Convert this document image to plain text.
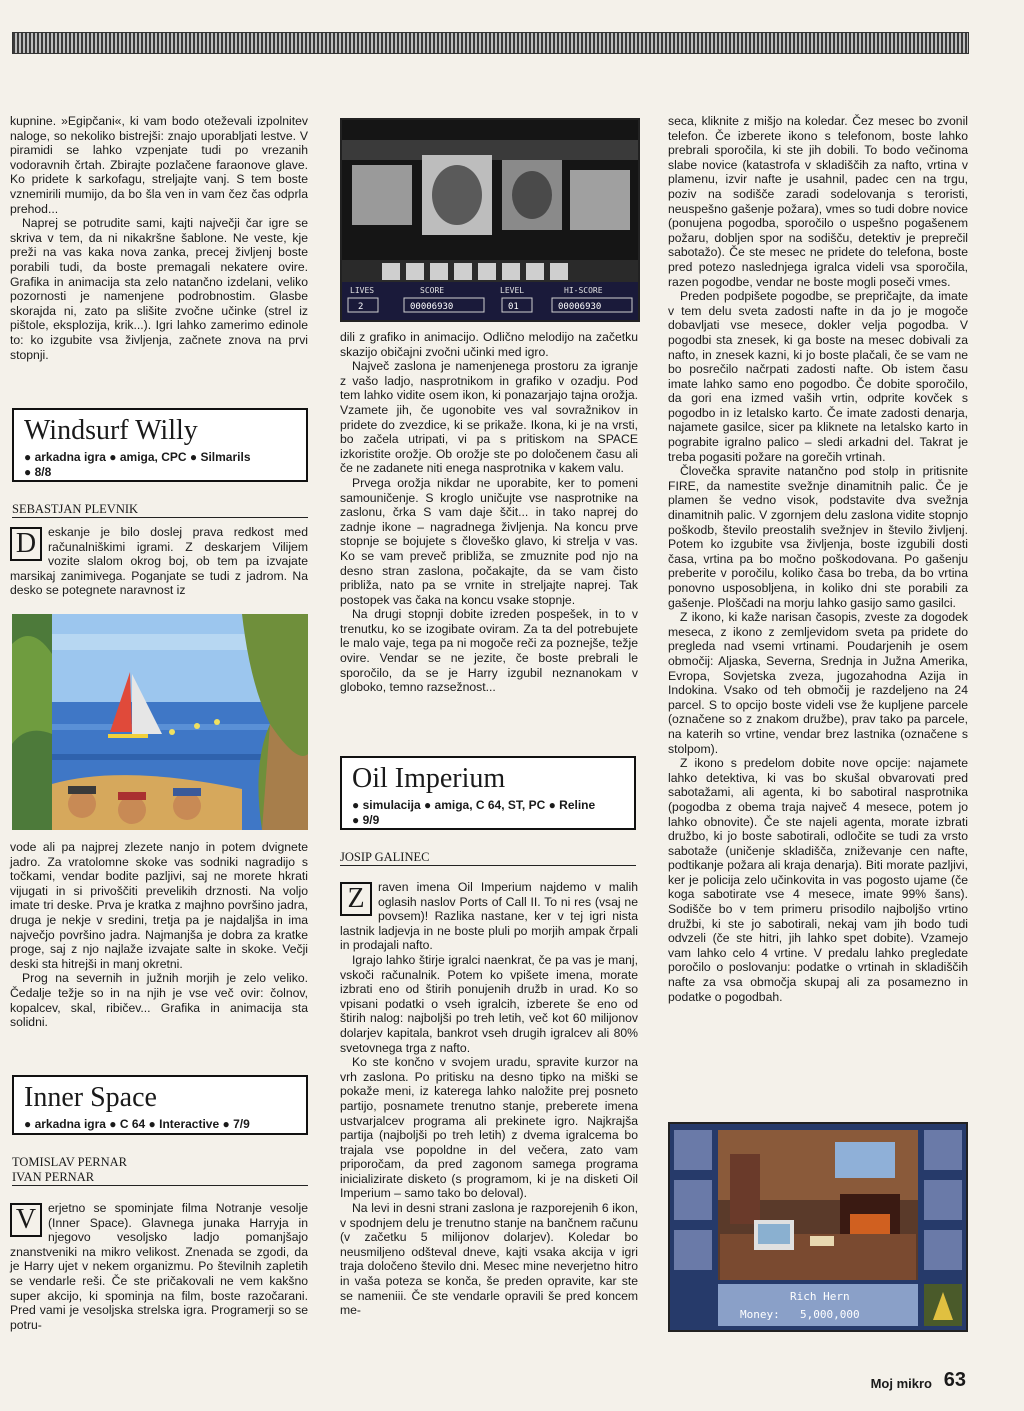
kupnine. »Egipčani«, ki vam bodo oteževali izpolnitev naloge, so nekoliko bistrejši: znajo uporabljati lestve. V piramidi se lahko vzpenjate tudi po vrezanih vodoravnih črtah. Zbirajte pozlačene faraonove glave. Ko pridete k sarkofagu, streljajte vanj. S tem boste vznemirili mumijo, da bo šla ven in vam čez čas odprla prehod...

Naprej se potrudite sami, kajti največji čar igre se skriva v tem, da ni nikakršne šablone. Ne veste, kje preži na vas kaka nova zanka, precej življenj boste porabili tudi, da boste premagali nekatere ovire. Grafika in animacija sta zelo natančno izdelani, veliko pozornosti je namenjene podrobnostim. Glasbe skorajda ni, zato pa slišite zvočne učinke (strel iz pištole, eksplozija, krik...). Igri lahko zamerimo edinole to: ko izgubite vsa življenja, začnete znova na prvi stopnji.

Windsurf Willy
● arkadna igra ● amiga, CPC ● Silmarils
● 8/8
SEBASTJAN PLEVNIK
D eskanje je bilo doslej prava redkost med računalniškimi igrami. Z deskarjem Vilijem vozite slalom okrog boj, ob tem pa izvajate marsikaj zanimivega. Poganjate se tudi z jadrom. Na desko se potegnete naravnost iz

vode ali pa najprej zlezete nanjo in potem dvignete jadro. Za vratolomne skoke vas sodniki nagradijo s točkami, vendar bodite pazljivi, saj ne morete hkrati vijugati in si privoščiti prevelikih drznosti. Na voljo imate tri deske. Prva je kratka z majhno površino jadra, druga je nekje v sredini, tretja pa je najdaljša in ima največjo površino jadra. Najmanjša je dobra za kratke proge, saj z njo najlaže izvajate salte in skoke. Večji deski sta hitrejši in manj okretni.

Prog na severnih in južnih morjih je zelo veliko. Čedalje težje so in na njih je vse več ovir: čolnov, kopalcev, skal, ribičev... Grafika in animacija sta solidni.

Inner Space
● arkadna igra ● C 64 ● Interactive ● 7/9
TOMISLAV PERNAR
IVAN PERNAR
V erjetno se spominjate filma Notranje vesolje (Inner Space). Glavnega junaka Harryja in njegovo vesoljsko ladjo pomanjšajo znanstveniki na mikro velikost. Znenada se zgodi, da je Harry ujet v nekem organizmu. Po številnih zapletih se vendarle reši. Če ste pričakovali ne vem kakšno super akcijo, ki spominja na film, boste razočarani. Pred vami je vesoljska strelska igra. Programerji so se potru-

LIVES	SCORE	LEVEL	HI-SCORE
2	00006930	01	00006930

dili z grafiko in animacijo. Odlično melodijo na začetku skazijo običajni zvočni učinki med igro.

Največ zaslona je namenjenega prostoru za igranje z vašo ladjo, nasprotnikom in grafiko v ozadju. Pod tem lahko vidite osem ikon, ki ponazarjajo tajna orožja. Vzamete jih, če ugonobite ves val sovražnikov in pridete do zvezdice, ki se prikaže. Ikona, ki je na vrsti, bo začela utripati, vi pa s pritiskom na SPACE izkoristite orožje. Ob orožje ste po določenem času ali če ne zadanete niti enega nasprotnika v kakem valu.

Prvega orožja nikdar ne uporabite, ker to pomeni samouničenje. S kroglo uničujte vse nasprotnike na zaslonu, črka S vam daje ščit... in tako naprej do zadnje ikone – nagradnega življenja. Na koncu prve stopnje se bojujete s človeško glavo, ki strelja v vas. Ko se vam preveč približa, se zmuznite pod njo na desno stran zaslona, počakajte, da se vam čisto približa, nato pa se vrnite in streljajte naprej. Tak postopek vas čaka na koncu vsake stopnje.

Na drugi stopnji dobite izreden pospešek, in to v trenutku, ko se izogibate oviram. Za ta del potrebujete le malo vaje, tega pa ni mogoče reči za poznejše, težje ovire. Vendar se ne jezite, če boste prebrali le sporočilo, da se je Harry izgubil neznanokam v globoko, temno razsežnost...

Oil Imperium
● simulacija ● amiga, C 64, ST, PC ● Reline
● 9/9
JOSIP GALINEC
Z	raven imena Oil Imperium najdemo v malih oglasih naslov Ports of Call II. To ni res (vsaj ne povsem)! Razlika nastane, ker v tej igri nista lastnik ladjevja in ne boste pluli po morjih ampak črpali in prodajali nafto.

Igrajo lahko štirje igralci naenkrat, če pa vas je manj, vskoči računalnik. Potem ko vpišete imena, morate izbrati eno od štirih ponujenih družb in urad. Ko so vpisani podatki o vseh igralcih, izberete še eno od štirih nalog: najboljši po treh letih, več kot 60 milijonov dolarjev kapitala, bankrot vseh drugih igralcev ali 80% svetovnega trga z nafto.

Ko ste končno v svojem uradu, spravite kurzor na vrh zaslona. Po pritisku na desno tipko na miški se pokaže meni, iz katerega lahko naložite prej posneto partijo, posnamete trenutno stanje, preberete imena ustvarjalcev programa ali prekinete igro. Najkrajša partija (najboljši po treh letih) z dvema igralcema bo trajala vse popoldne in del večera, zato vam priporočam, da pred zagonom samega programa inicializirate disketo (s programom, ki je na disketi Oil Imperium – samo tako bo deloval).

Na levi in desni strani zaslona je razporejenih 6 ikon, v spodnjem delu je trenutno stanje na bančnem računu (v začetku 5 milijonov dolarjev). Koledar bo neusmiljeno odšteval dneve, kajti vsaka akcija v igri traja določeno število dni. Mesec mine neverjetno hitro in vaša poteza se konča, še preden opravite, kar ste se nameniii. Če ste vendarle opravili še pred koncem me-

seca, kliknite z mišjo na koledar. Čez mesec bo zvonil telefon. Če izberete ikono s telefonom, boste lahko prebrali sporočila, ki ste jih dobili. To bodo večinoma slabe novice (katastrofa v skladiščih za nafto, vrtina v plamenu, izvir nafte je usahnil, padec cen na trgu, poziv na sodišče zaradi sodelovanja s teroristi, neuspešno gašenje požara), vmes so tudi dobre novice (ponujena pogodba, sporočilo o uspešno pogašenem požaru, dobljen spor na sodišču, detektiv je preprečil sabotažo). Če ste mesec ne pridete do telefona, boste pred potezo naslednjega igralca videli vsa sporočila, razen pogodbe, vendar ne boste mogli poseči vmes.

Preden podpišete pogodbe, se prepričajte, da imate v tem delu sveta zadosti nafte in da jo je mogoče dobavljati vse mesece, dokler velja pogodba. V pogodbi sta znesek, ki ga boste na mesec dobivali za nafto, in znesek kazni, ki jo boste plačali, če se vam ne bo posrečilo načrpati zadosti nafte. Ob istem času imate lahko samo eno pogodbo. Če dobite sporočilo, da gori ena izmed vaših vrtin, odprite kovček s pogodbo in iz letalsko karto. Če imate zadosti denarja, najamete gasilce, sicer pa kliknete na letalsko karto in pograbite igralno palico – sledi arkadni del. Takrat je treba pogasiti požare na gorečih vrtinah.

Človečka spravite natančno pod stolp in pritisnite FIRE, da namestite svežnje dinamitnih palic. Če je plamen še vedno visok, podstavite dva svežnja dinamitnih palic. V zgornjem delu zaslona vidite stopnjo poškodb, število preostalih svežnjev in število življenj. Potem ko izgubite vsa življenja, boste izgubili dosti časa, vrtina pa bo močno poškodovana. Po gašenju preberite v poročilu, koliko časa bo treba, da bo vrtina ponovno usposobljena, in koliko dni ste porabili za gašenje. Ploščadi na morju lahko gasijo samo gasilci.

Z ikono, ki kaže narisan časopis, zveste za dogodek meseca, z ikono z zemljevidom sveta pa pridete do pregleda nad vsemi vrtinami. Poudarjenih je osem območij: Aljaska, Severna, Srednja in Južna Amerika, Evropa, Sovjetska zveza, jugozahodna Azija in Indokina. Vsako od teh območij je razdeljeno na 24 parcel. S to opcijo boste videli vse že kupljene parcele (označene so z znakom družbe), prav tako pa parcele, na katerih so vrtine, vendar brez lastnika (označene s stolpom).

Z ikono s predelom dobite nove opcije: najamete lahko detektiva, ki vas bo skušal obvarovati pred sabotažami, ali agenta, ki bo sabotiral nasprotnika (pogodba z obema traja največ 4 mesece, potem jo lahko obnovite). Če ste najeli agenta, morate izbrati družbo, ki jo boste sabotirali, odločite se tudi za vrsto sabotaže (uničenje skladišča, zniževanje cen nafte, podtikanje požara ali kraja denarja). Biti morate pazljivi, ker je policija zelo učinkovita in vas pogosto ujame (če koga sabotirate vse 4 mesece, imate 99% šans). Sodišče bo v tem primeru prisodilo najboljšo vrtino družbi, ki ste jo sabotirali, nekaj vam jih bodo tudi odvzeli (če ste hitri, jih lahko spet dobite). Vzamejo vam lahko celo 4 vrtine. V predalu lahko pregledate poročilo o poslovanju: podatke o vrtinah in skladiščih nafte za vsa območja skupaj ali za posamezno in podatke o pogodbah.

Rich Hern
Money: 5,000,000
Moj mikro 63
